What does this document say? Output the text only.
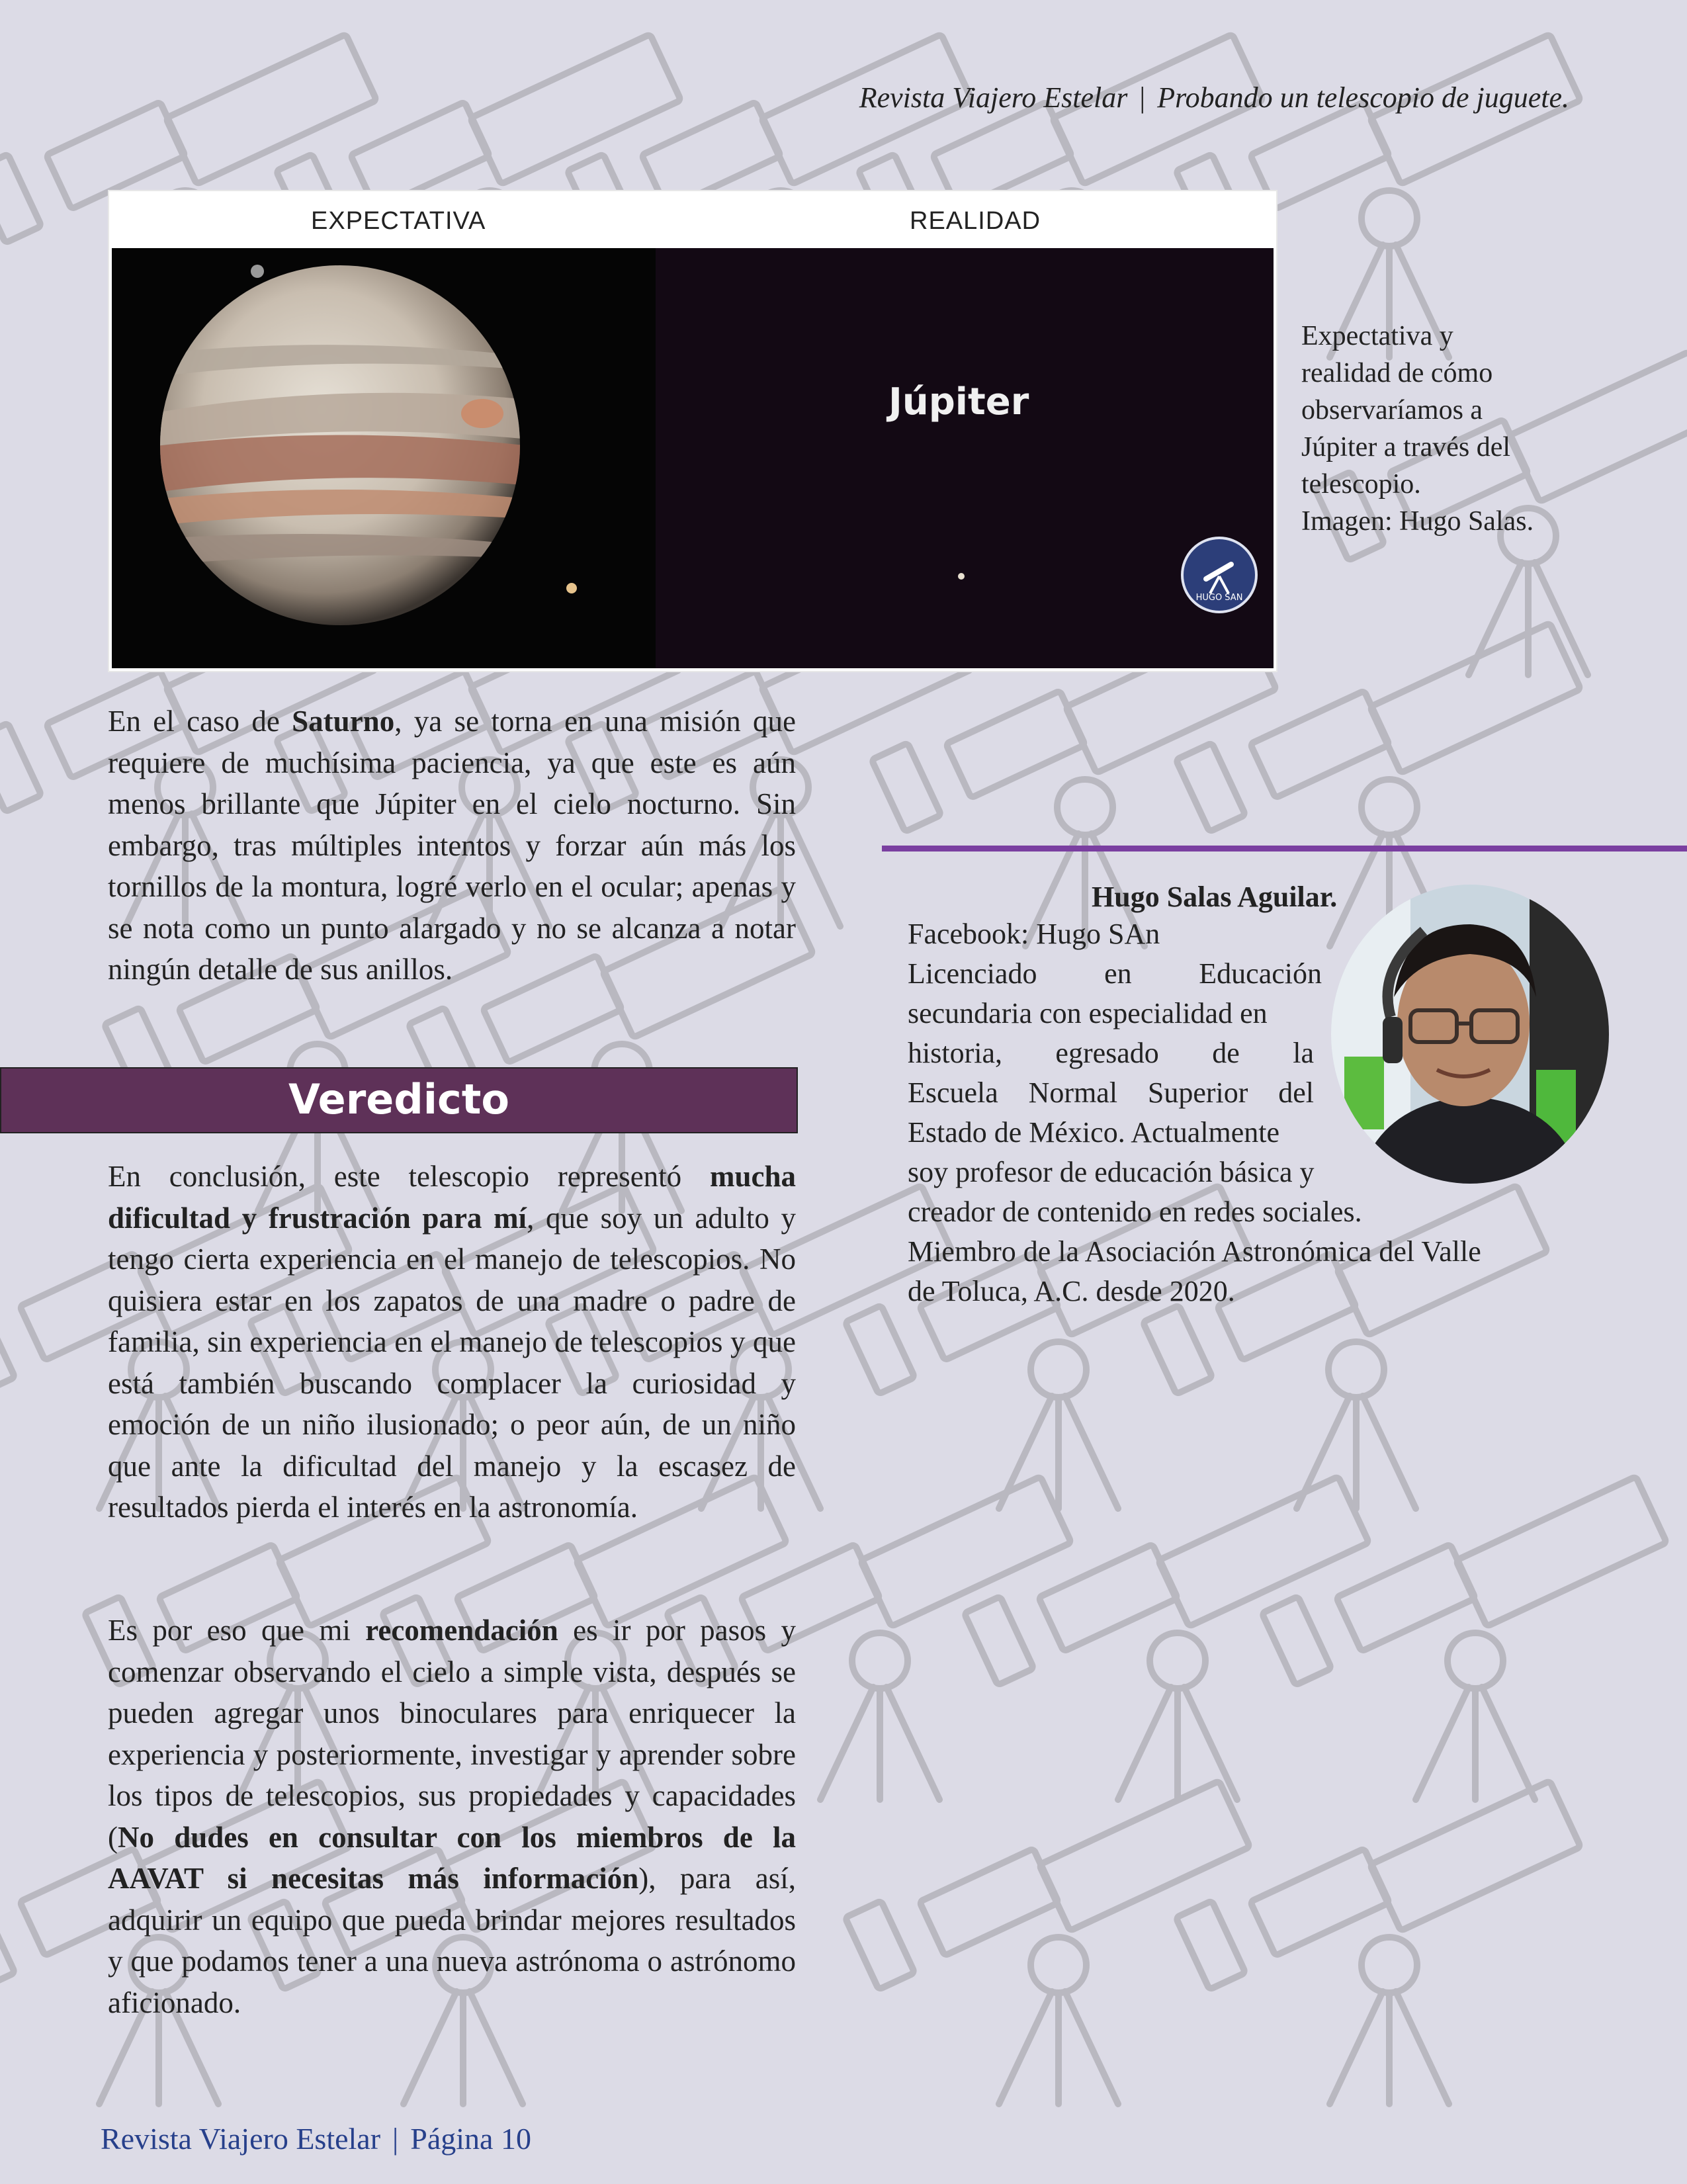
Revista Viajero Estelar | Probando un telescopio de juguete.
EXPECTATIVA	REALIDAD
Júpiter
HUGO SAN
Expectativa y
realidad de cómo
observaríamos a
Júpiter a través del
telescopio.
Imagen: Hugo Salas.
En el caso de Saturno, ya se torna en una misión que requiere de muchísima paciencia, ya que este es aún menos brillante que Júpiter en el cielo nocturno. Sin embargo, tras múltiples intentos y forzar aún más los tornillos de la montura, logré verlo en el ocular; apenas y se nota como un punto alargado y no se alcanza a notar ningún detalle de sus anillos.
Veredicto
En conclusión, este telescopio representó mucha dificultad y frustración para mí, que soy un adulto y tengo cierta experiencia en el manejo de telescopios. No quisiera estar en los zapatos de una madre o padre de familia, sin experiencia en el manejo de telescopios y que está también buscando complacer la curiosidad y emoción de un niño ilusionado; o peor aún, de un niño que ante la dificultad del manejo y la escasez de resultados pierda el interés en la astronomía.
Es por eso que mi recomendación es ir por pasos y comenzar observando el cielo a simple vista, después se pueden agregar unos binoculares para enriquecer la experiencia y posteriormente, investigar y aprender sobre los tipos de telescopios, sus propiedades y capacidades (No dudes en consultar con los miembros de la AAVAT si necesitas más información), para así, adquirir un equipo que pueda brindar mejores resultados y que podamos tener a una nueva astrónoma o astrónomo aficionado.
Hugo Salas Aguilar.
Facebook: Hugo SAn
Licenciado en Educación
secundaria con especialidad en
historia, egresado de la
Escuela Normal Superior del
Estado de México. Actualmente
soy profesor de educación básica y
creador de contenido en redes sociales.
Miembro de la Asociación Astronómica del Valle
de Toluca, A.C. desde 2020.
Revista Viajero Estelar | Página 10
